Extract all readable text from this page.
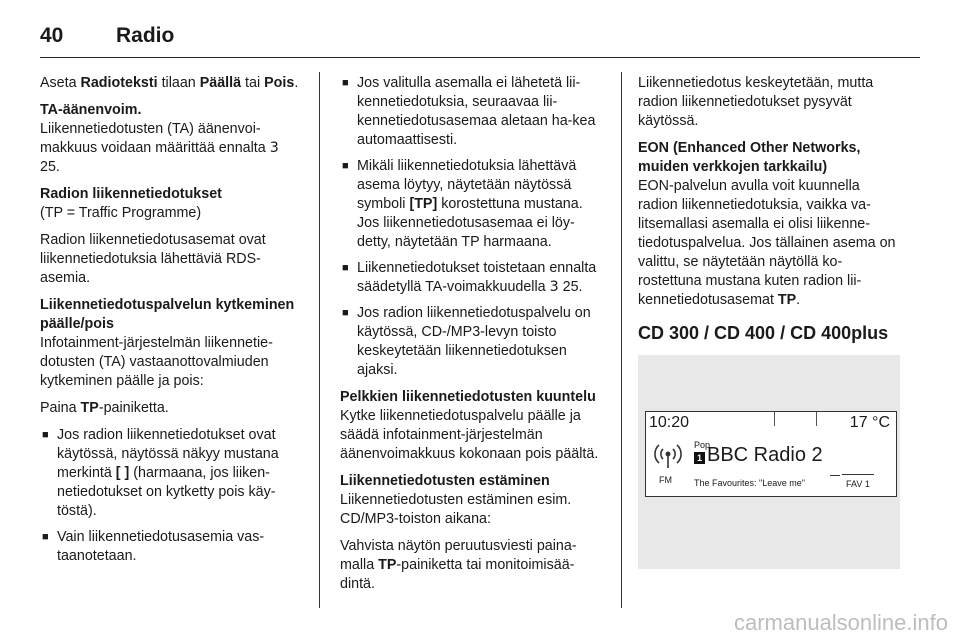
40	Radio

Aseta Radioteksti tilaan Päällä tai Pois.

TA-äänenvoim.
Liikennetiedotusten (TA) äänenvoi-makkuus voidaan määrittää ennalta 3 25.

Radion liikennetiedotukset
(TP = Traffic Programme)

Radion liikennetiedotusasemat ovat liikennetiedotuksia lähettäviä RDS-asemia.

Liikennetiedotuspalvelun kytkeminen päälle/pois
Infotainment-järjestelmän liikennetie-dotusten (TA) vastaanottovalmiuden kytkeminen päälle ja pois:

Paina TP-painiketta.

■ Jos radion liikennetiedotukset ovat käytössä, näytössä näkyy mustana merkintä [ ] (harmaana, jos liiken-netiedotukset on kytketty pois käy-töstä).
■ Vain liikennetiedotusasemia vas-taanotetaan.
■ Jos valitulla asemalla ei lähetetä lii-kennetiedotuksia, seuraavaa lii-kennetiedotusasemaa aletaan ha-kea automaattisesti.
■ Mikäli liikennetiedotuksia lähettävä asema löytyy, näytetään näytössä symboli [TP] korostettuna mustana. Jos liikennetiedotusasemaa ei löy-detty, näytetään TP harmaana.
■ Liikennetiedotukset toistetaan ennalta säädetyllä TA-voimakkuudella 3 25.
■ Jos radion liikennetiedotuspalvelu on käytössä, CD-/MP3-levyn toisto keskeytetään liikennetiedotuksen ajaksi.

Pelkkien liikennetiedotusten kuuntelu
Kytke liikennetiedotuspalvelu päälle ja säädä infotainment-järjestelmän äänenvoimakkuus kokonaan pois päältä.

Liikennetiedotusten estäminen
Liikennetiedotusten estäminen esim. CD/MP3-toiston aikana:

Vahvista näytön peruutusviesti paina-malla TP-painiketta tai monitoimisää-dintä.

Liikennetiedotus keskeytetään, mutta radion liikennetiedotukset pysyvät käytössä.

EON (Enhanced Other Networks, muiden verkkojen tarkkailu)
EON-palvelun avulla voit kuunnella radion liikennetiedotuksia, vaikka va-litsemallasi asemalla ei olisi liikenne-tiedotuspalvelua. Jos tällainen asema on valittu, se näytetään näytöllä ko-rostettuna mustana kuten radion lii-kennetiedotusasemat TP.

CD 300 / CD 400 / CD 400plus
10:20	17 °C
FM
Pop
1 BBC Radio 2
The Favourites: "Leave me"	FAV 1
carmanualsonline.info
